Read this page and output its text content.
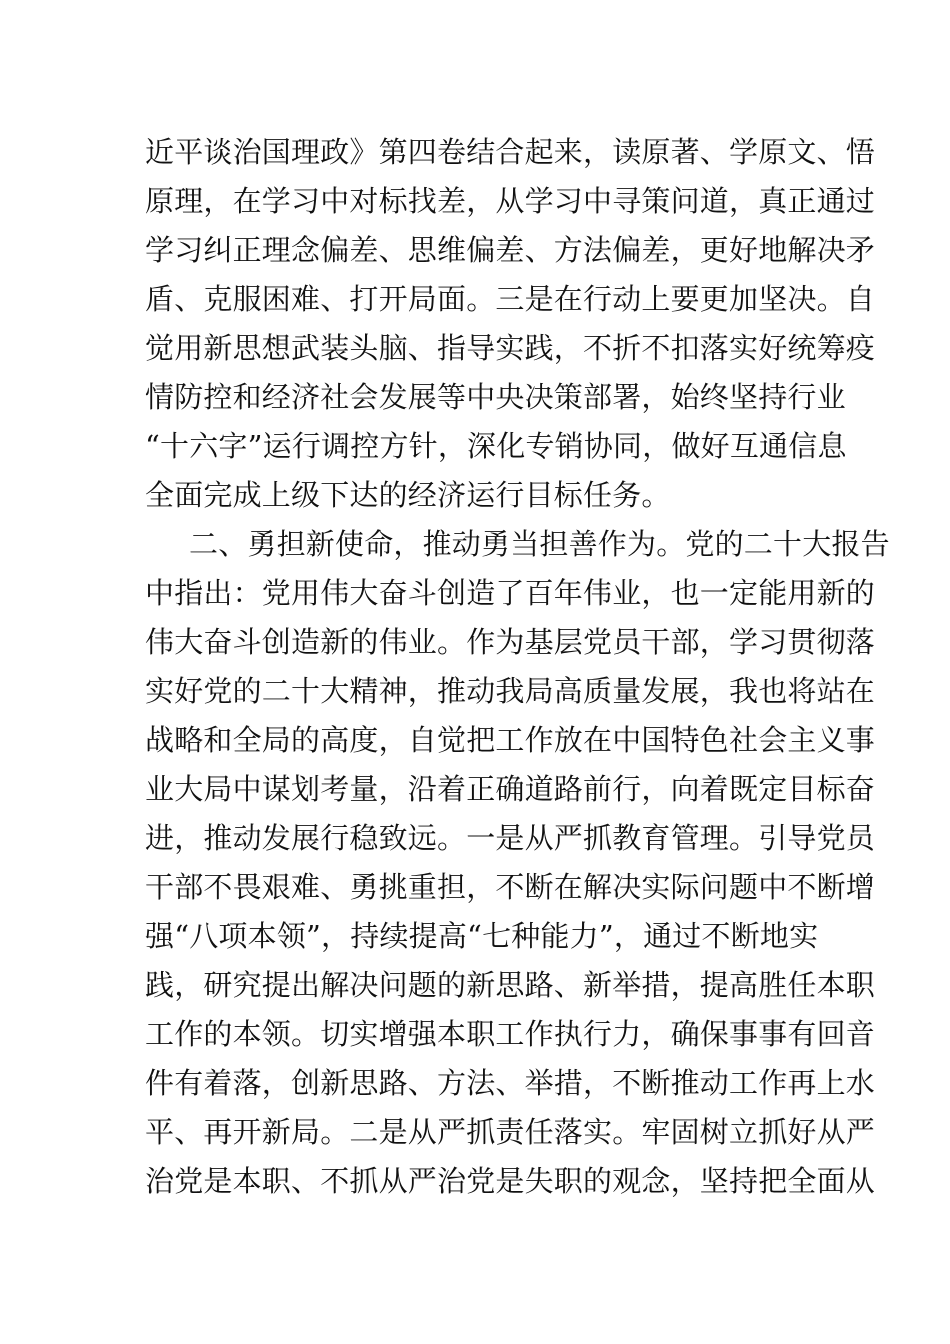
近平谈治国理政》第四卷结合起来，读原著、学原文、悟
原理，在学习中对标找差，从学习中寻策问道，真正通过
学习纠正理念偏差、思维偏差、方法偏差，更好地解决矛
盾、克服困难、打开局面。三是在行动上要更加坚决。自
觉用新思想武装头脑、指导实践，不折不扣落实好统筹疫
情防控和经济社会发展等中央决策部署，始终坚持行业
“十六字”运行调控方针，深化专销协同，做好互通信息
全面完成上级下达的经济运行目标任务。
二、勇担新使命，推动勇当担善作为。党的二十大报告
中指出：党用伟大奋斗创造了百年伟业，也一定能用新的
伟大奋斗创造新的伟业。作为基层党员干部，学习贯彻落
实好党的二十大精神，推动我局高质量发展，我也将站在
战略和全局的高度，自觉把工作放在中国特色社会主义事
业大局中谋划考量，沿着正确道路前行，向着既定目标奋
进，推动发展行稳致远。一是从严抓教育管理。引导党员
干部不畏艰难、勇挑重担，不断在解决实际问题中不断增
强“八项本领”，持续提高“七种能力”，通过不断地实
践，研究提出解决问题的新思路、新举措，提高胜任本职
工作的本领。切实增强本职工作执行力，确保事事有回音
件有着落，创新思路、方法、举措，不断推动工作再上水
平、再开新局。二是从严抓责任落实。牢固树立抓好从严
治党是本职、不抓从严治党是失职的观念，坚持把全面从
